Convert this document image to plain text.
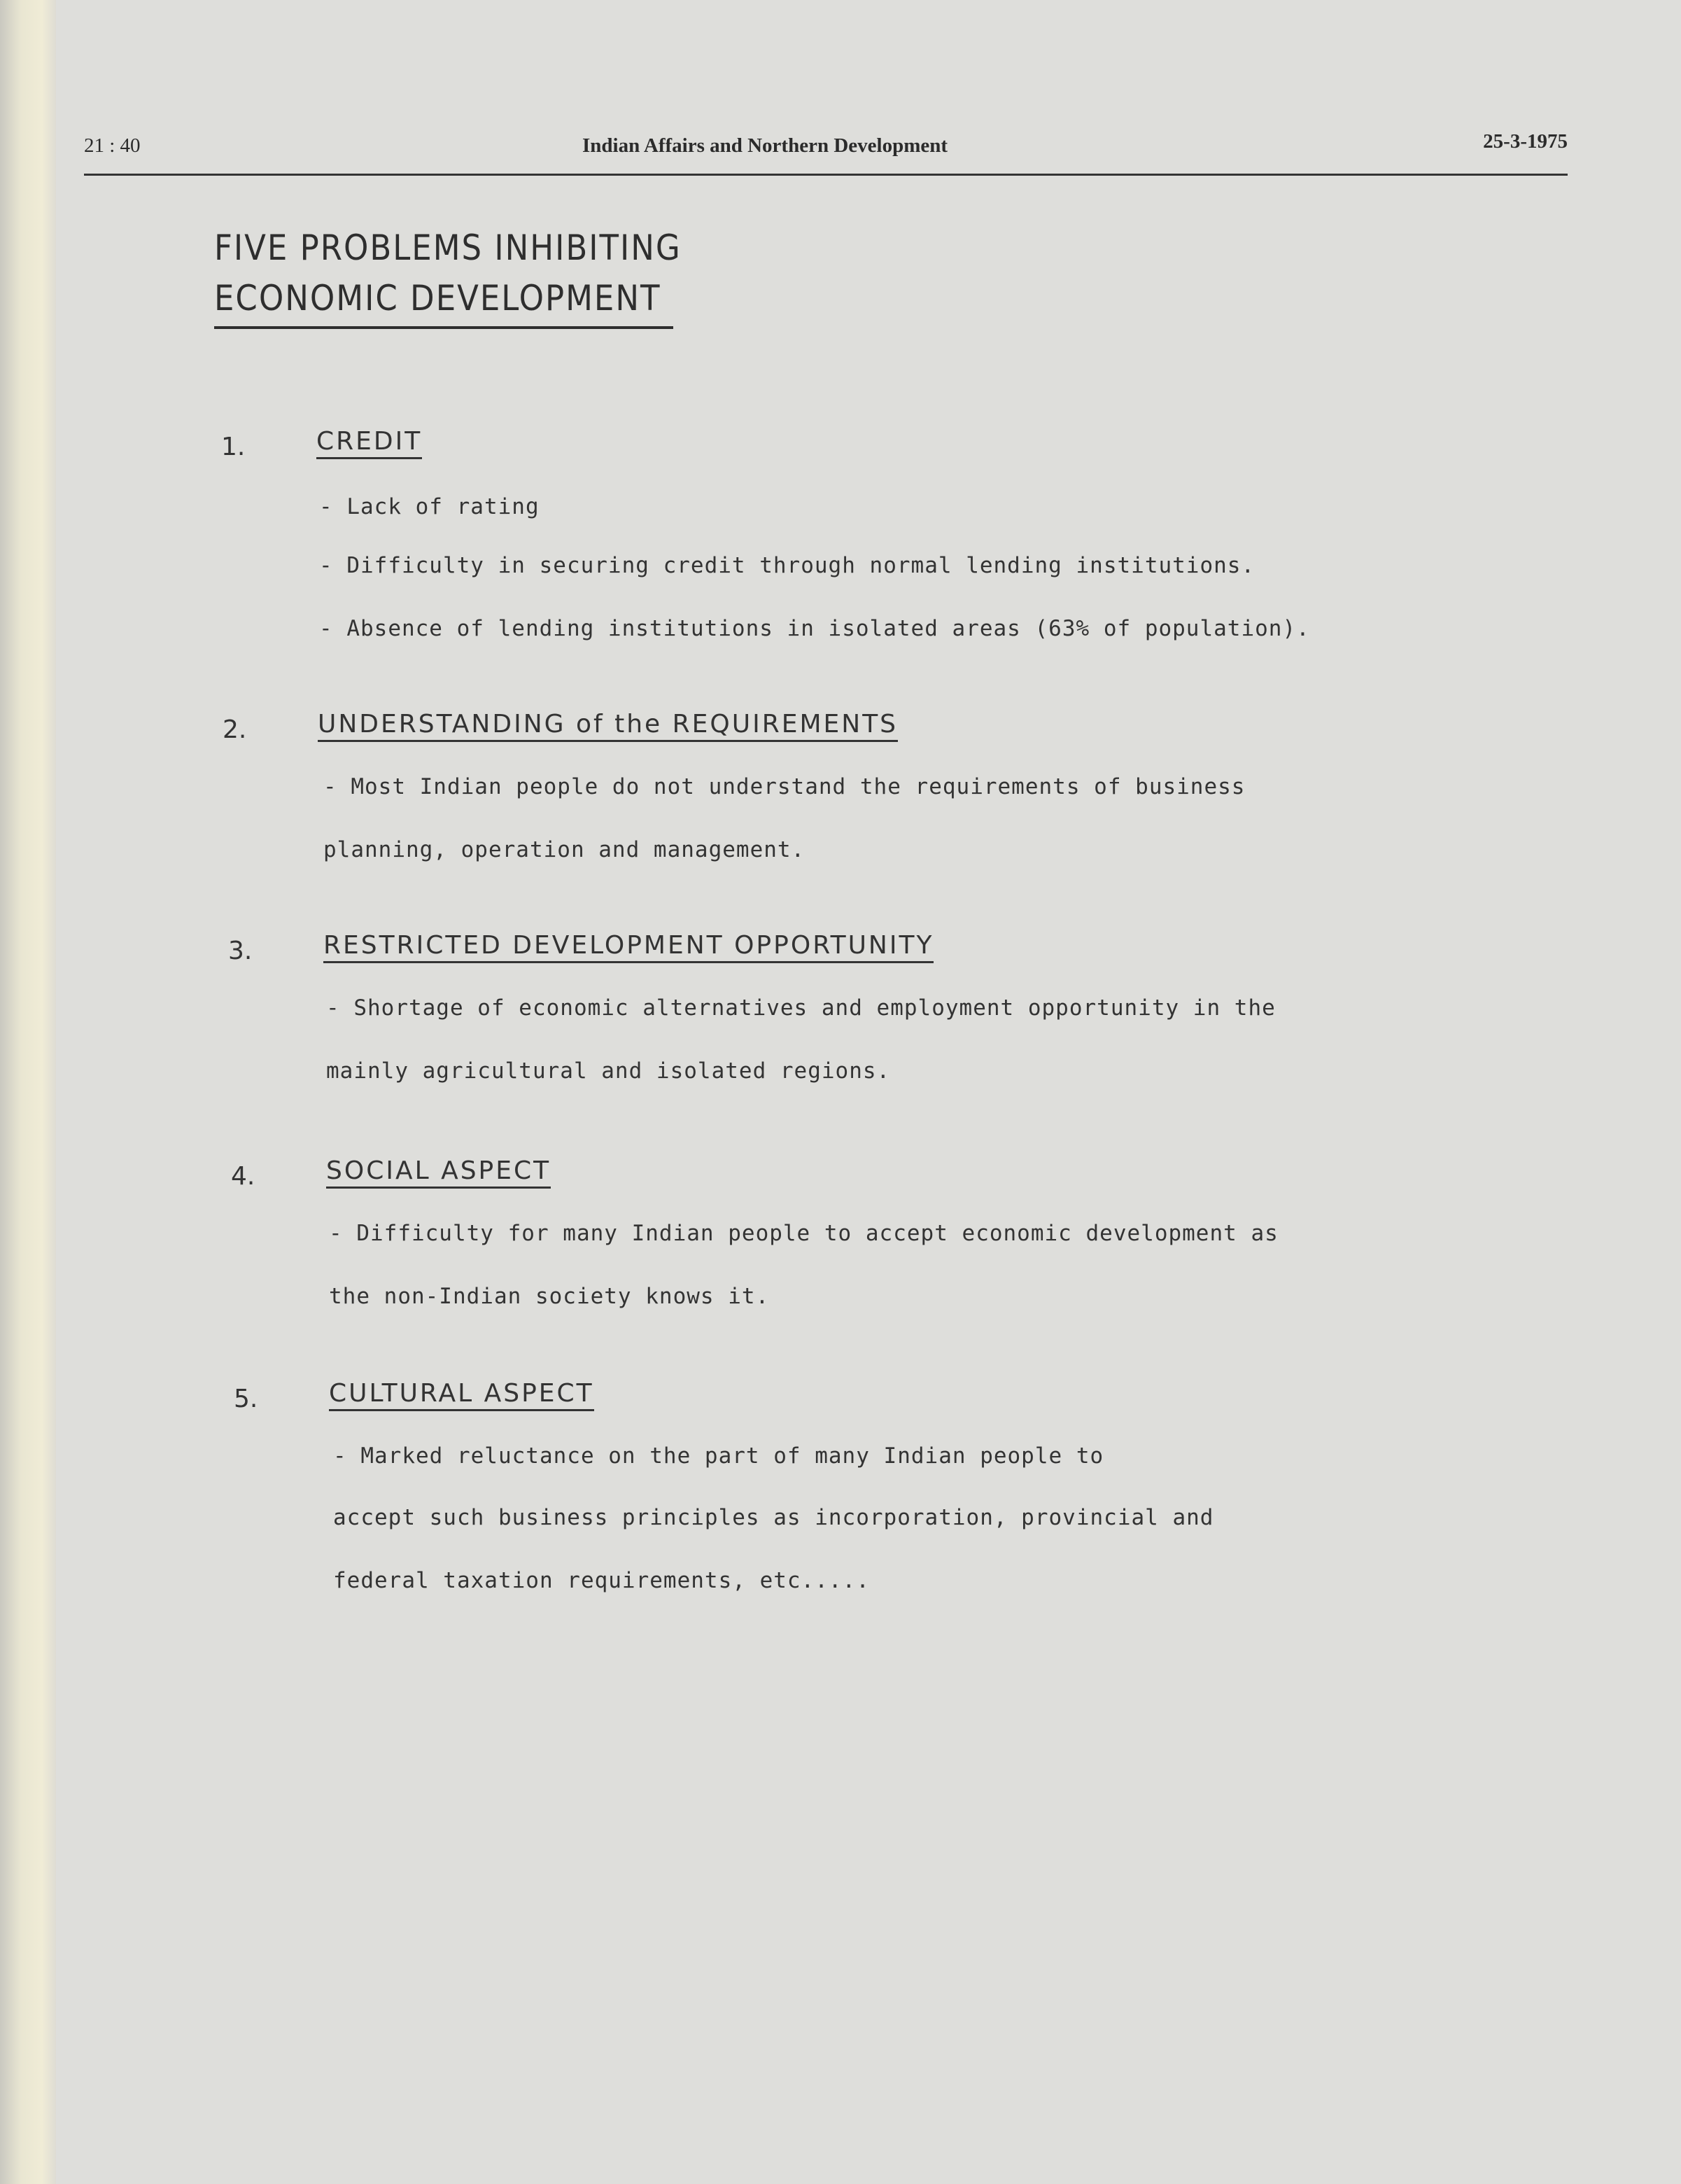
21 : 40	Indian Affairs and Northern Development	25-3-1975
FIVE PROBLEMS INHIBITING
ECONOMIC DEVELOPMENT
1.	CREDIT
- Lack of rating
- Difficulty in securing credit through normal lending institutions.
- Absence of lending institutions in isolated areas (63% of population).
2.	UNDERSTANDING of the REQUIREMENTS
- Most Indian people do not understand the requirements of business
planning, operation and management.
3.	RESTRICTED DEVELOPMENT OPPORTUNITY
- Shortage of economic alternatives and employment opportunity in the
mainly agricultural and isolated regions.
4.	SOCIAL ASPECT
- Difficulty for many Indian people to accept economic development as
the non-Indian society knows it.
5.	CULTURAL ASPECT
- Marked reluctance on the part of many Indian people to
accept such business principles as incorporation, provincial and
federal taxation requirements, etc.....
